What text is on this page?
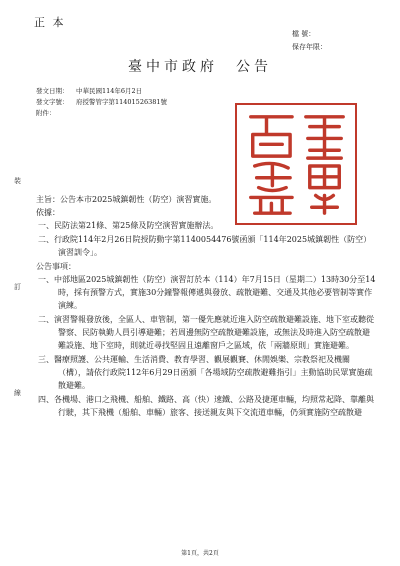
正 本
檔 號：
保存年限：
臺中市政府　公告
發文日期： 中華民國114年6月2日
發文字號： 府授警管字第11401526381號
附件：
裝
訂
線
主旨：公告本市2025城鎮韌性（防空）演習實施。
依據：
一、民防法第21條、第25條及防空演習實施辦法。
二、行政院114年2月26日院授防動字第1140054476號函頒「114年2025城鎮韌性（防空）演習訓令」。
公告事項：
一、中部地區2025城鎮韌性（防空）演習訂於本（114）年7月15日（星期二）13時30分至14時，採有預警方式，實施30分鐘警報傳遞與發放、疏散避難、交通及其他必要管制等實作演練。
二、演習警報發放後，全區人、車管制，第一優先應就近進入防空疏散避難設施、地下室或聽從警察、民防執勤人員引導避難；若周邊無防空疏散避難設施，或無法及時進入防空疏散避難設施、地下室時，則就近尋找堅固且遠離窗戶之區域，依「兩牆原則」實施避難。
三、醫療照護、公共運輸、生活消費、教育學習、觀展觀賽、休閒娛樂、宗教祭祀及機關（構），請依行政院112年6月29日函頒「各場域防空疏散避難指引」主動協助民眾實施疏散避難。
四、各機場、港口之飛機、船舶、鐵路、高（快）速鐵、公路及捷運車輛，均照常起降、靠離與行駛，其下飛機（船舶、車輛）旅客、接送親友與下交流道車輛，仍須實施防空疏散避
第1頁，共2頁
